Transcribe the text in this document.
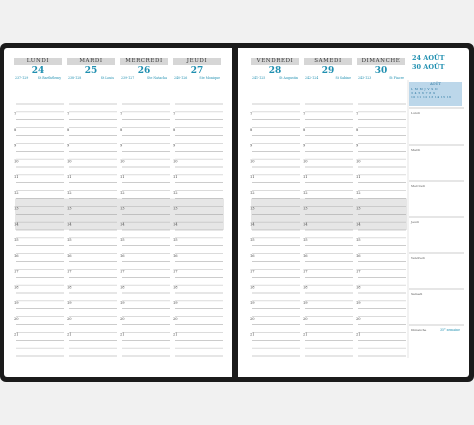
7	7	7	7	7	7	7
8	8	8	8	8	8	8
9	9	9	9	9	9	9
10	10	10	10	10	10	10
11	11	11	11	11	11	11
12	12	12	12	12	12	12
13	13	13	13	13	13	13
14	14	14	14	14	14	14
15	15	15	15	15	15	15
16	16	16	16	16	16	16
17	17	17	17	17	17	17
18	18	18	18	18	18	18
19	19	19	19	19	19	19
20	20	20	20	20	20	20
21	21	21	21	21	21	21
LUNDI
24
237-129	St Barthélemy
MARDI
25
238-128	St Louis
MERCREDI
26
239-127	Ste Natacha
JEUDI
27
240-126	Ste Monique
VENDREDI
28
241-125	St Augustin
SAMEDI
29
242-124	St Sabine
DIMANCHE
30
243-123	St Fiacre
24 AOÛT
30 AOÛT
AOÛT
L M M J V S D
3 4 5 6 7 8 9
10 11 12 13 14 15 16
Lundi
Mardi
Mercredi
Jeudi
Vendredi
Samedi
Dimanche	35° semaine
